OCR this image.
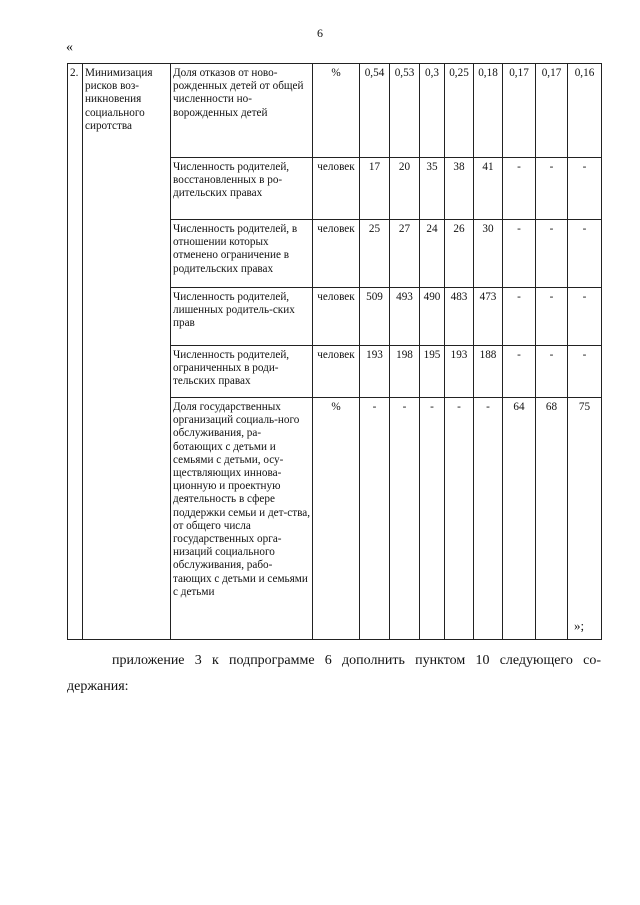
6
«
2.	Минимизация рисков воз-никновения социального сиротства	Доля отказов от ново-рожденных детей от общей численности но-ворожденных детей	%	0,54	0,53	0,3	0,25	0,18	0,17	0,17	0,16
		Численность родителей, восстановленных в ро-дительских правах	человек	17	20	35	38	41	-	-	-
		Численность родителей, в отношении которых отменено ограничение в родительских правах	человек	25	27	24	26	30	-	-	-
		Численность родителей, лишенных родитель-ских прав	человек	509	493	490	483	473	-	-	-
		Численность родителей, ограниченных в роди-тельских правах	человек	193	198	195	193	188	-	-	-
		Доля государственных организаций социаль-ного обслуживания, ра-ботающих с детьми и семьями с детьми, осу-ществляющих иннова-ционную и проектную деятельность в сфере поддержки семьи и дет-ства, от общего числа государственных орга-низаций социального обслуживания, рабо-тающих с детьми и семьями с детьми	%	-	-	-	-	-	64	68	75
»;
приложение 3 к подпрограмме 6 дополнить пунктом 10 следующего со-держания:
